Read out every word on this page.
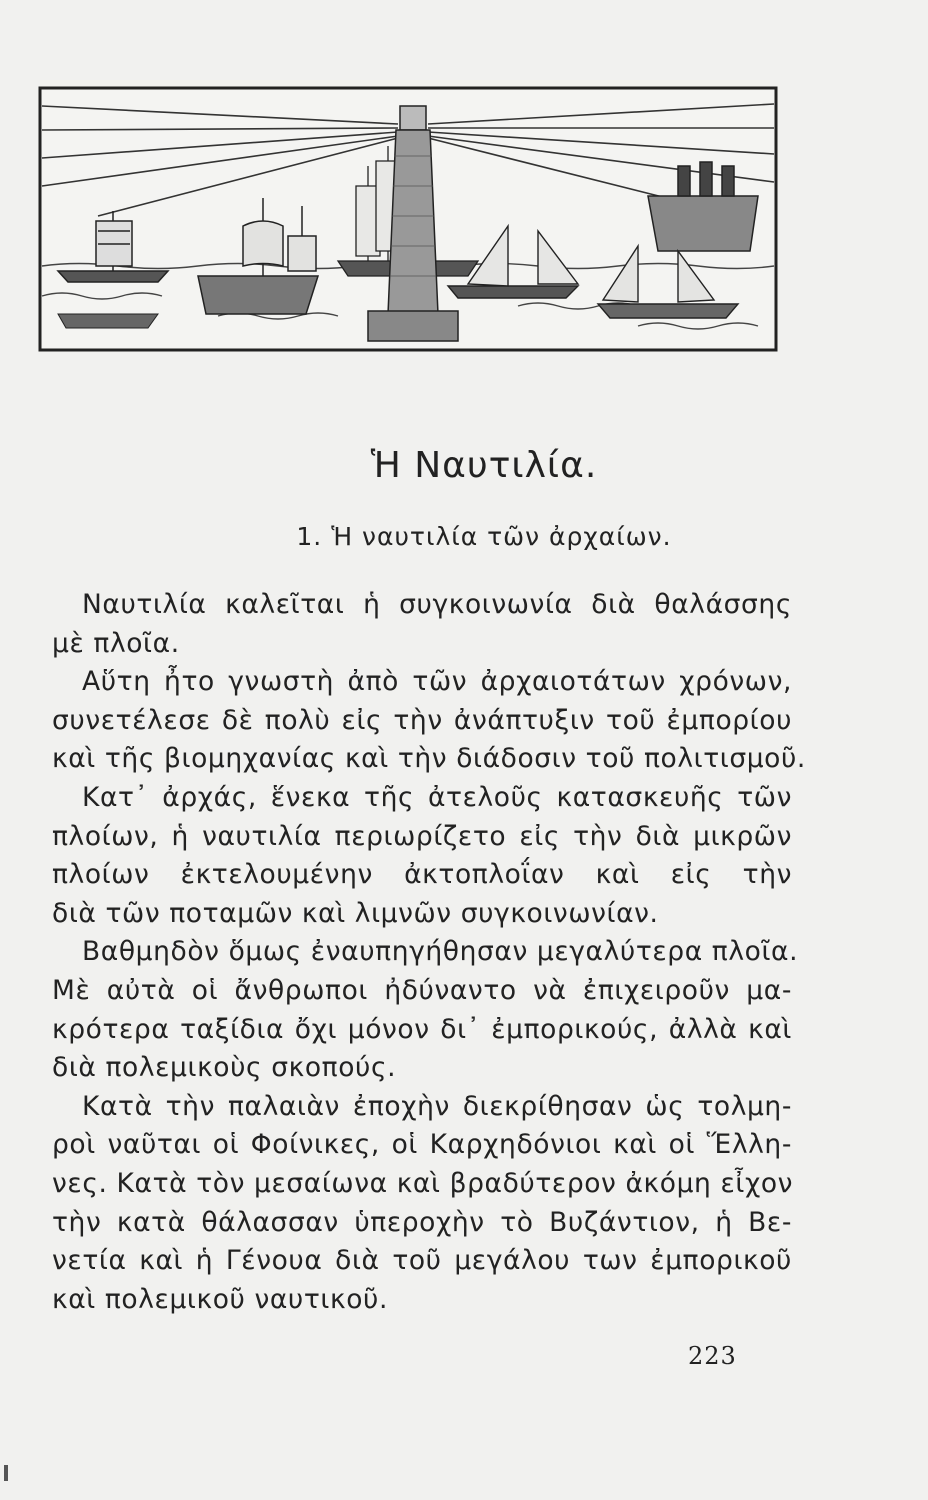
Ἡ Ναυτιλία.
1. Ἡ ναυτιλία τῶν ἀρχαίων.
Ναυτιλία καλεῖται ἡ συγκοινωνία διὰ θαλάσσης
μὲ πλοῖα.
Αὕτη ἦτο γνωστὴ ἀπὸ τῶν ἀρχαιοτάτων χρόνων,
συνετέλεσε δὲ πολὺ εἰς τὴν ἀνάπτυξιν τοῦ ἐμπορίου
καὶ τῆς βιομηχανίας καὶ τὴν διάδοσιν τοῦ πολιτισμοῦ.
Κατ᾿ ἀρχάς, ἕνεκα τῆς ἀτελοῦς κατασκευῆς τῶν
πλοίων, ἡ ναυτιλία περιωρίζετο εἰς τὴν διὰ μικρῶν
πλοίων ἐκτελουμένην ἀκτοπλοΐαν καὶ εἰς τὴν
διὰ τῶν ποταμῶν καὶ λιμνῶν συγκοινωνίαν.
Βαθμηδὸν ὅμως ἐναυπηγήθησαν μεγαλύτερα πλοῖα.
Μὲ αὐτὰ οἱ ἄνθρωποι ἠδύναντο νὰ ἐπιχειροῦν μα-
κρότερα ταξίδια ὄχι μόνον δι᾿ ἐμπορικούς, ἀλλὰ καὶ
διὰ πολεμικοὺς σκοπούς.
Κατὰ τὴν παλαιὰν ἐποχὴν διεκρίθησαν ὡς τολμη-
ροὶ ναῦται οἱ Φοίνικες, οἱ Καρχηδόνιοι καὶ οἱ Ἕλλη-
νες. Κατὰ τὸν μεσαίωνα καὶ βραδύτερον ἀκόμη εἶχον
τὴν κατὰ θάλασσαν ὑπεροχὴν τὸ Βυζάντιον, ἡ Βε-
νετία καὶ ἡ Γένουα διὰ τοῦ μεγάλου των ἐμπορικοῦ
καὶ πολεμικοῦ ναυτικοῦ.
223
